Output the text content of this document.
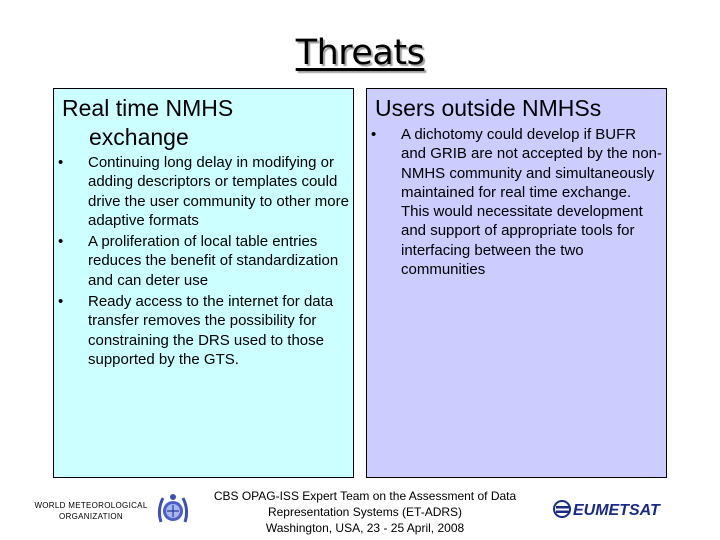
Threats
Real time NMHS
exchange
• Continuing long delay in modifying or adding descriptors or templates could drive the user community to other more adaptive formats
• A proliferation of local table entries reduces the benefit of standardization and can deter use
• Ready access to the internet for data transfer removes the possibility for constraining the DRS used to those supported by the GTS.
Users outside NMHSs
• A dichotomy could develop if BUFR and GRIB are not accepted by the non-NMHS community and simultaneously maintained for real time exchange. This would necessitate development and support of appropriate tools for interfacing between the two communities
WORLD METEOROLOGICAL
ORGANIZATION
CBS OPAG-ISS Expert Team on the Assessment of Data
Representation Systems (ET-ADRS)
Washington, USA, 23 - 25 April, 2008
EUMETSAT
